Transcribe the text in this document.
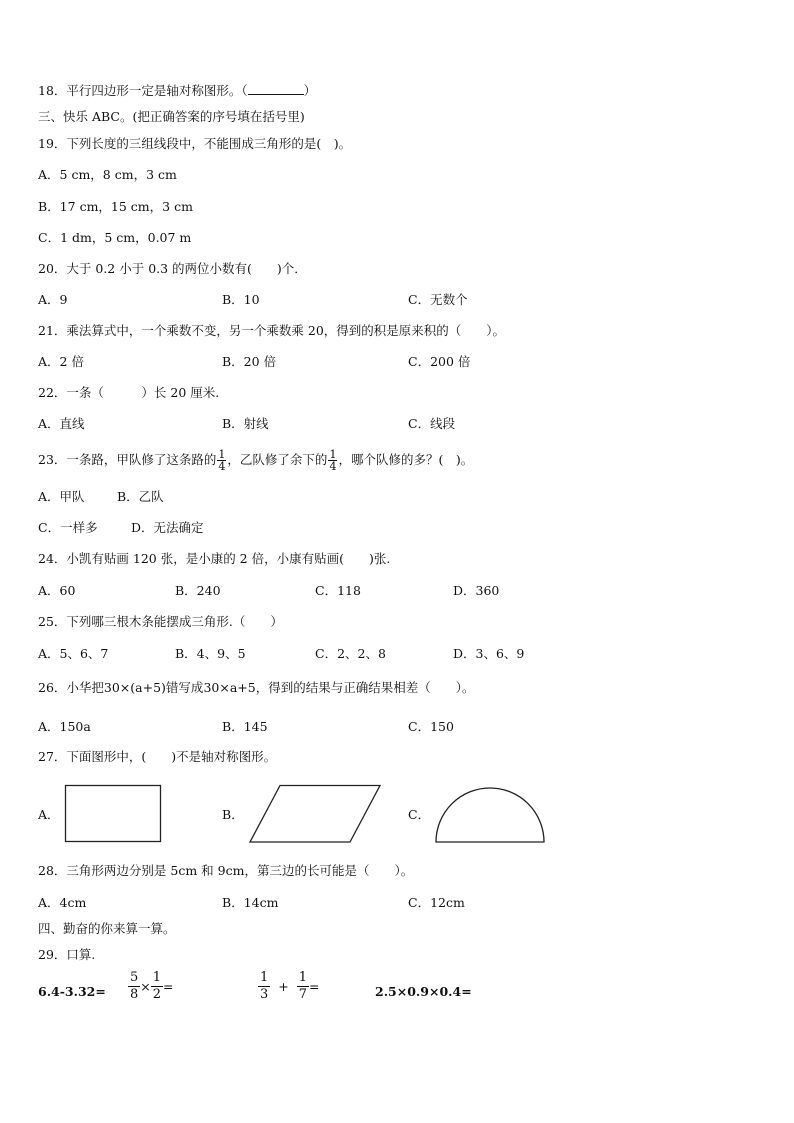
18．平行四边形一定是轴对称图形。（	）
三、快乐 ABC。(把正确答案的序号填在括号里)
19．下列长度的三组线段中，不能围成三角形的是(　)。
A．5 cm，8 cm，3 cm
B．17 cm，15 cm，3 cm
C．1 dm，5 cm，0.07 m
20．大于 0.2 小于 0.3 的两位小数有(　　)个．
A．9	B．10	C．无数个
21．乘法算式中，一个乘数不变，另一个乘数乘 20，得到的积是原来积的（　　）。
A．2 倍	B．20 倍	C．200 倍
22．一条（　　　）长 20 厘米.
A．直线	B．射线	C．线段
23．一条路，甲队修了这条路的 $\frac{1}{4}$ ，乙队修了余下的 $\frac{1}{4}$ ，哪个队修的多？(　)。
A．甲队	B．乙队
C．一样多	D．无法确定
24．小凯有贴画 120 张，是小康的 2 倍，小康有贴画(　　)张.
A．60	B．240	C．118	D．360
25．下列哪三根木条能摆成三角形.（　　）
A．5、6、7	B．4、9、5	C．2、2、8	D．3、6、9
26．小华把30×(a+5)错写成30×a+5，得到的结果与正确结果相差（　　）。
A．150a	B．145	C．150
27．下面图形中，(　　)不是轴对称图形。
A．	B．	C．
28．三角形两边分别是 5cm 和 9cm，第三边的长可能是（　　）。
A．4cm	B．14cm	C．12cm
四、勤奋的你来算一算。
29．口算.
$6.4-3.32= \frac{5}{8} \times \frac{1}{2}$ =	$\frac{1}{3} + \frac{1}{7}$ =	2.5×0.9×0.4=
